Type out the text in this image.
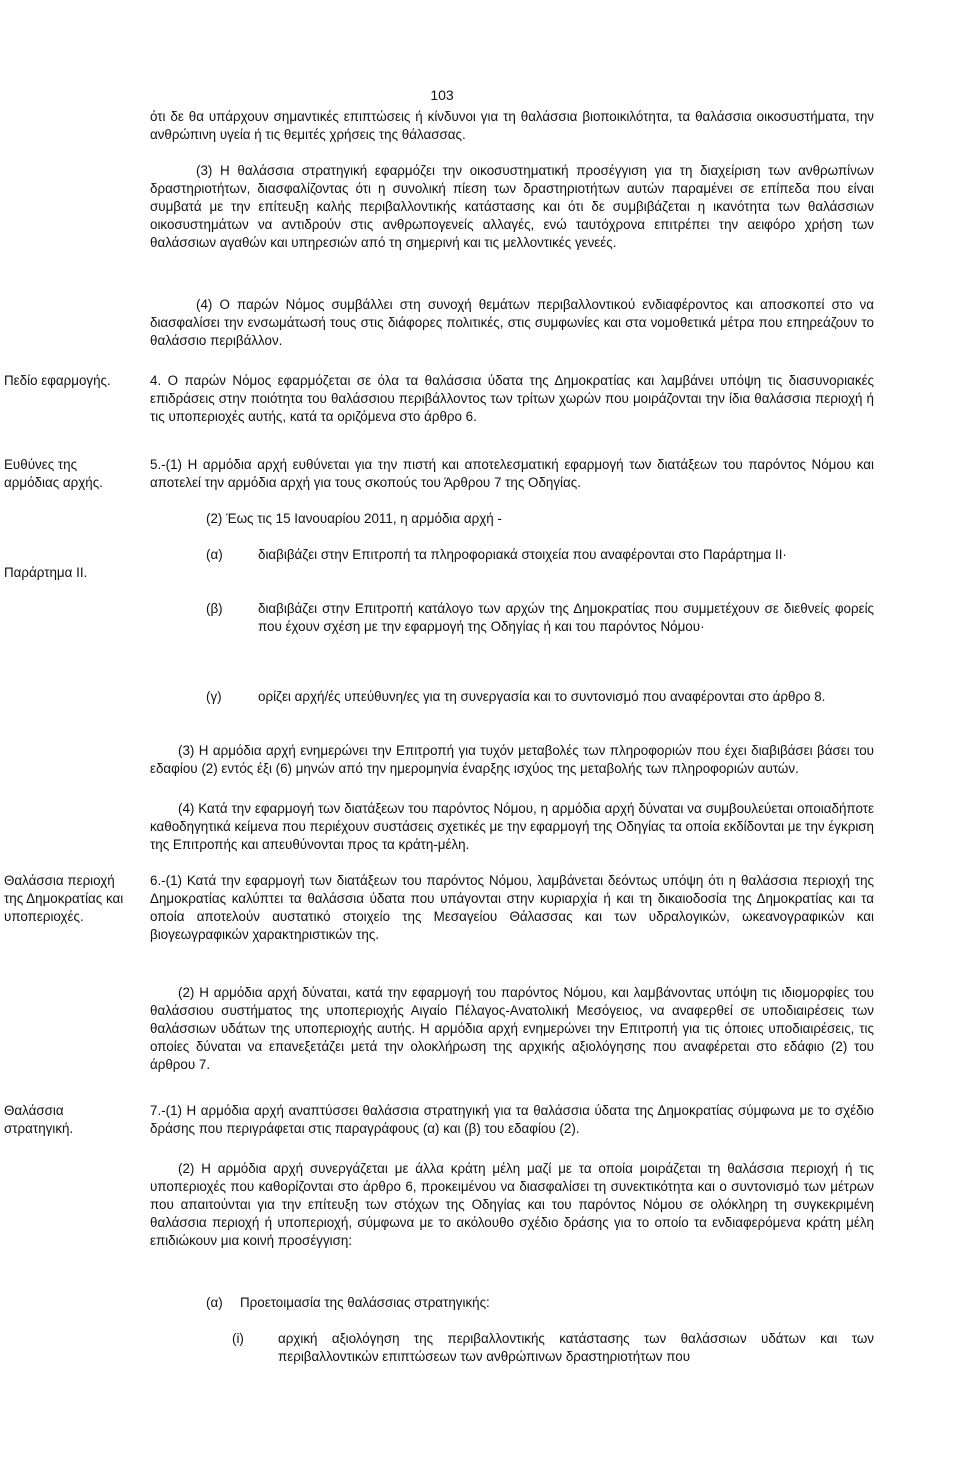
103

ότι δε θα υπάρχουν σημαντικές επιπτώσεις ή κίνδυνοι για τη θαλάσσια βιοποικιλότητα, τα θαλάσσια οικοσυστήματα, την ανθρώπινη υγεία ή τις θεμιτές χρήσεις της θάλασσας.

(3) Η θαλάσσια στρατηγική εφαρμόζει την οικοσυστηματική προσέγγιση για τη διαχείριση των ανθρωπίνων δραστηριοτήτων, διασφαλίζοντας ότι η συνολική πίεση των δραστηριοτήτων αυτών παραμένει σε επίπεδα που είναι συμβατά με την επίτευξη καλής περιβαλλοντικής κατάστασης και ότι δε συμβιβάζεται η ικανότητα των θαλάσσιων οικοσυστημάτων να αντιδρούν στις ανθρωπογενείς αλλαγές, ενώ ταυτόχρονα επιτρέπει την αειφόρο χρήση των θαλάσσιων αγαθών και υπηρεσιών από τη σημερινή και τις μελλοντικές γενεές.

(4) Ο παρών Νόμος συμβάλλει στη συνοχή θεμάτων περιβαλλοντικού ενδιαφέροντος και αποσκοπεί στο να διασφαλίσει την ενσωμάτωσή τους στις διάφορες πολιτικές, στις συμφωνίες και στα νομοθετικά μέτρα που επηρεάζουν το θαλάσσιο περιβάλλον.

Πεδίο εφαρμογής.	4. Ο παρών Νόμος εφαρμόζεται σε όλα τα θαλάσσια ύδατα της Δημοκρατίας και λαμβάνει υπόψη τις διασυνοριακές επιδράσεις στην ποιότητα του θαλάσσιου περιβάλλοντος των τρίτων χωρών που μοιράζονται την ίδια θαλάσσια περιοχή ή τις υποπεριοχές αυτής, κατά τα οριζόμενα στο άρθρο 6.

Ευθύνες της αρμόδιας αρχής.

5.-(1) Η αρμόδια αρχή ευθύνεται για την πιστή και αποτελεσματική εφαρμογή των διατάξεων του παρόντος Νόμου και αποτελεί την αρμόδια αρχή για τους σκοπούς του Άρθρου 7 της Οδηγίας.

(2) Έως τις 15 Ιανουαρίου 2011, η αρμόδια αρχή -

Παράρτημα ΙΙ.
(α)	διαβιβάζει στην Επιτροπή τα πληροφοριακά στοιχεία που αναφέρονται στο Παράρτημα ΙΙ·
(β)	διαβιβάζει στην Επιτροπή κατάλογο των αρχών της Δημοκρατίας που συμμετέχουν σε διεθνείς φορείς που έχουν σχέση με την εφαρμογή της Οδηγίας ή και του παρόντος Νόμου·
(γ)	ορίζει αρχή/ές υπεύθυνη/ες για τη συνεργασία και το συντονισμό που αναφέρονται στο άρθρο 8.

(3) Η αρμόδια αρχή ενημερώνει την Επιτροπή για τυχόν μεταβολές των πληροφοριών που έχει διαβιβάσει βάσει του εδαφίου (2) εντός έξι (6) μηνών από την ημερομηνία έναρξης ισχύος της μεταβολής των πληροφοριών αυτών.

(4) Κατά την εφαρμογή των διατάξεων του παρόντος Νόμου, η αρμόδια αρχή δύναται να συμβουλεύεται οποιαδήποτε καθοδηγητικά κείμενα που περιέχουν συστάσεις σχετικές με την εφαρμογή της Οδηγίας τα οποία εκδίδονται με την έγκριση της Επιτροπής και απευθύνονται προς τα κράτη-μέλη.

Θαλάσσια περιοχή της Δημοκρατίας και υποπεριοχές.

6.-(1) Κατά την εφαρμογή των διατάξεων του παρόντος Νόμου, λαμβάνεται δεόντως υπόψη ότι η θαλάσσια περιοχή της Δημοκρατίας καλύπτει τα θαλάσσια ύδατα που υπάγονται στην κυριαρχία ή και τη δικαιοδοσία της Δημοκρατίας και τα οποία αποτελούν αυστατικό στοιχείο της Μεσαγείου Θάλασσας και των υδραλογικών, ωκεανογραφικών και βιογεωγραφικών χαρακτηριστικών της.

(2) Η αρμόδια αρχή δύναται, κατά την εφαρμογή του παρόντος Νόμου, και λαμβάνοντας υπόψη τις ιδιομορφίες του θαλάσσιου συστήματος της υποπεριοχής Αιγαίο Πέλαγος-Ανατολική Μεσόγειος, να αναφερθεί σε υποδιαιρέσεις των θαλάσσιων υδάτων της υποπεριοχής αυτής. Η αρμόδια αρχή ενημερώνει την Επιτροπή για τις όποιες υποδιαιρέσεις, τις οποίες δύναται να επανεξετάζει μετά την ολοκλήρωση της αρχικής αξιολόγησης που αναφέρεται στο εδάφιο (2) του άρθρου 7.

Θαλάσσια στρατηγική.

7.-(1) Η αρμόδια αρχή αναπτύσσει θαλάσσια στρατηγική για τα θαλάσσια ύδατα της Δημοκρατίας σύμφωνα με το σχέδιο δράσης που περιγράφεται στις παραγράφους (α) και (β) του εδαφίου (2).

(2) Η αρμόδια αρχή συνεργάζεται με άλλα κράτη μέλη μαζί με τα οποία μοιράζεται τη θαλάσσια περιοχή ή τις υποπεριοχές που καθορίζονται στο άρθρο 6, προκειμένου να διασφαλίσει τη συνεκτικότητα και ο συντονισμό των μέτρων που απαιτούνται για την επίτευξη των στόχων της Οδηγίας και του παρόντος Νόμου σε ολόκληρη τη συγκεκριμένη θαλάσσια περιοχή ή υποπεριοχή, σύμφωνα με το ακόλουθο σχέδιο δράσης για το οποίο τα ενδιαφερόμενα κράτη μέλη επιδιώκουν μια κοινή προσέγγιση:

(α) Προετοιμασία της θαλάσσιας στρατηγικής:
(i)	αρχική αξιολόγηση της περιβαλλοντικής κατάστασης των θαλάσσιων υδάτων και των περιβαλλοντικών επιπτώσεων των ανθρώπινων δραστηριοτήτων που
